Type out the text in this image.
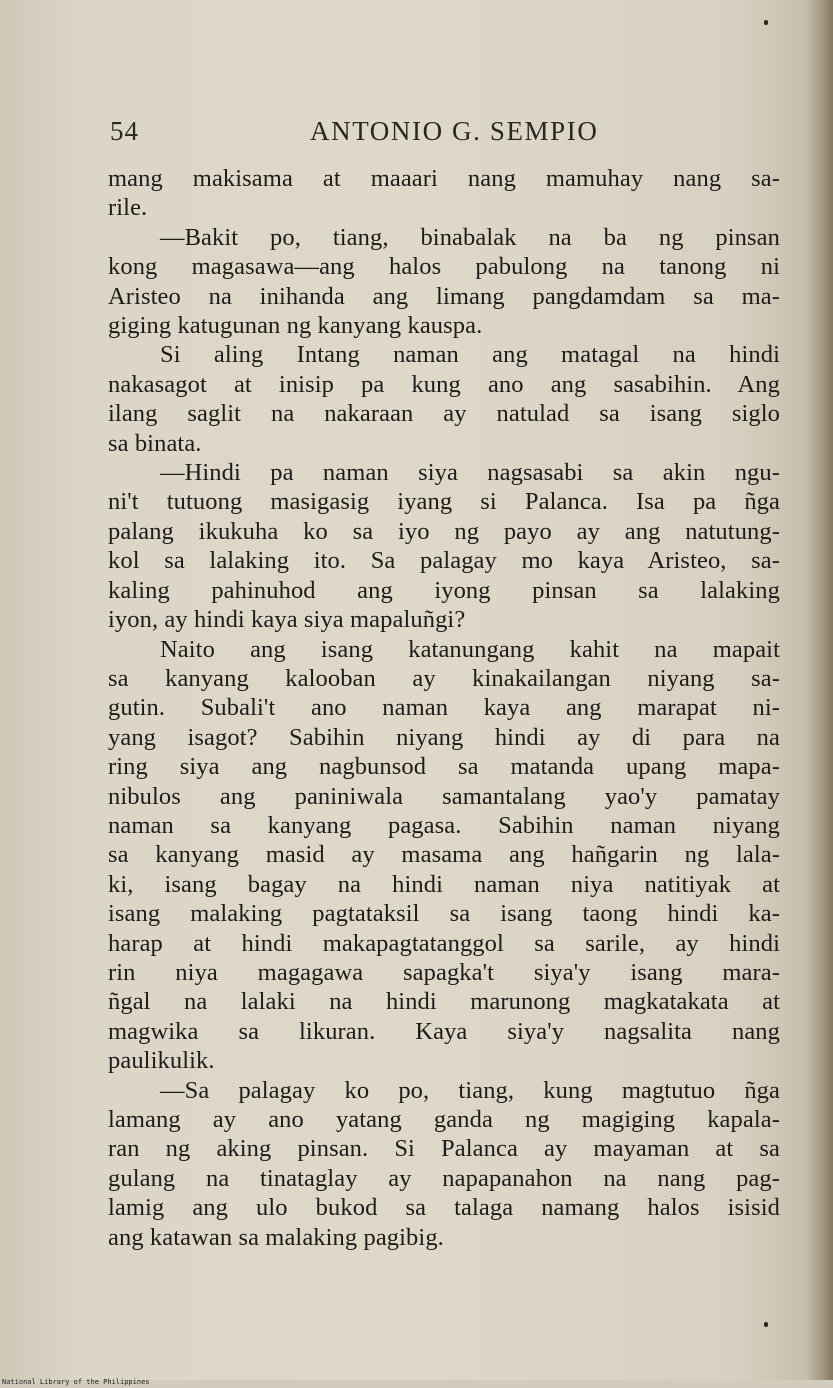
54	ANTONIO G. SEMPIO
mang makisama at maaari nang mamuhay nang sa-
rile.
—Bakit po, tiang, binabalak na ba ng pinsan
kong magasawa—ang halos pabulong na tanong ni
Aristeo na inihanda ang limang pangdamdam sa ma-
giging katugunan ng kanyang kauspa.
Si aling Intang naman ang matagal na hindi
nakasagot at inisip pa kung ano ang sasabihin. Ang
ilang saglit na nakaraan ay natulad sa isang siglo
sa binata.
—Hindi pa naman siya nagsasabi sa akin ngu-
ni't tutuong masigasig iyang si Palanca. Isa pa ñga
palang ikukuha ko sa iyo ng payo ay ang natutung-
kol sa lalaking ito. Sa palagay mo kaya Aristeo, sa-
kaling pahinuhod ang iyong pinsan sa lalaking
iyon, ay hindi kaya siya mapaluñgi?
Naito ang isang katanungang kahit na mapait
sa kanyang kalooban ay kinakailangan niyang sa-
gutin. Subali't ano naman kaya ang marapat ni-
yang isagot? Sabihin niyang hindi ay di para na
ring siya ang nagbunsod sa matanda upang mapa-
nibulos ang paniniwala samantalang yao'y pamatay
naman sa kanyang pagasa. Sabihin naman niyang
sa kanyang masid ay masama ang hañgarin ng lala-
ki, isang bagay na hindi naman niya natitiyak at
isang malaking pagtataksil sa isang taong hindi ka-
harap at hindi makapagtatanggol sa sarile, ay hindi
rin niya magagawa sapagka't siya'y isang mara-
ñgal na lalaki na hindi marunong magkatakata at
magwika sa likuran. Kaya siya'y nagsalita nang
paulikulik.
—Sa palagay ko po, tiang, kung magtutuo ñga
lamang ay ano yatang ganda ng magiging kapala-
ran ng aking pinsan. Si Palanca ay mayaman at sa
gulang na tinataglay ay napapanahon na nang pag-
lamig ang ulo bukod sa talaga namang halos isisid
ang katawan sa malaking pagibig.
National Library of the Philippines
